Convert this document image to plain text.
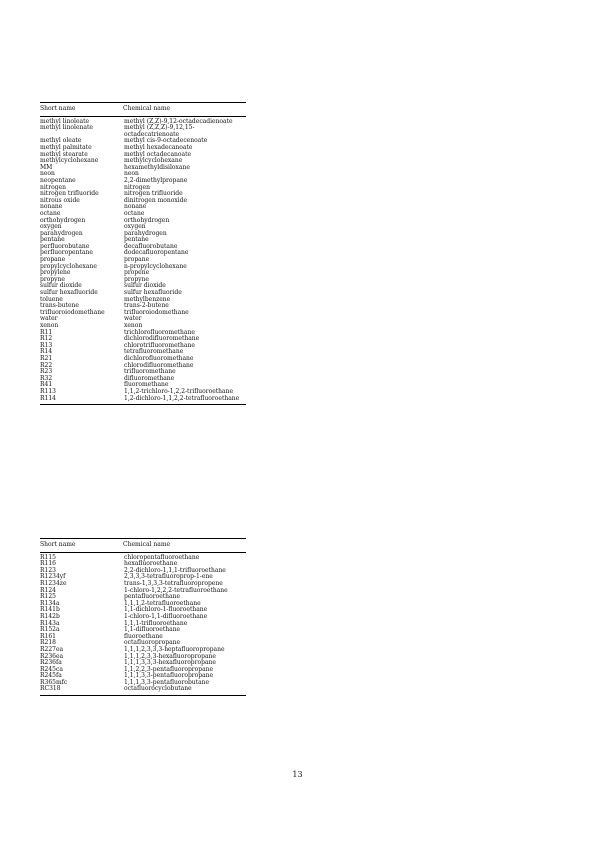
Short name	Chemical name
methyl linoleate	methyl (Z,Z)-9,12-octadecadienoate
methyl linolenate	methyl (Z,Z,Z)-9,12,15-octadecatrienoate
methyl oleate	methyl cis-9-octadecenoate
methyl palmitate	methyl hexadecanoate
methyl stearate	methyl octadecanoate
methylcyclohexane	methylcyclohexane
MM	hexamethyldisiloxane
neon	neon
neopentane	2,2-dimethylpropane
nitrogen	nitrogen
nitrogen trifluoride	nitrogen trifluoride
nitrous oxide	dinitrogen monoxide
nonane	nonane
octane	octane
orthohydrogen	orthohydrogen
oxygen	oxygen
parahydrogen	parahydrogen
pentane	pentane
perfluorobutane	decafluorobutane
perfluoropentane	dodecafluoropentane
propane	propane
propylcyclohexane	n-propylcyclohexane
propylene	propene
propyne	propyne
sulfur dioxide	sulfur dioxide
sulfur hexafluoride	sulfur hexafluoride
toluene	methylbenzene
trans-butene	trans-2-butene
trifluoroiodomethane	trifluoroiodomethane
water	water
xenon	xenon
R11	trichlorofluoromethane
R12	dichlorodifluoromethane
R13	chlorotrifluoromethane
R14	tetrafluoromethane
R21	dichlorofluoromethane
R22	chlorodifluoromethane
R23	trifluoromethane
R32	difluoromethane
R41	fluoromethane
R113	1,1,2-trichloro-1,2,2-trifluoroethane
R114	1,2-dichloro-1,1,2,2-tetrafluoroethane
Short name	Chemical name
R115	chloropentafluoroethane
R116	hexafluoroethane
R123	2,2-dichloro-1,1,1-trifluoroethane
R1234yf	2,3,3,3-tetrafluoroprop-1-ene
R1234ze	trans-1,3,3,3-tetrafluoropropene
R124	1-chloro-1,2,2,2-tetrafluoroethane
R125	pentafluoroethane
R134a	1,1,1,2-tetrafluoroethane
R141b	1,1-dichloro-1-fluoroethane
R142b	1-chloro-1,1-difluoroethane
R143a	1,1,1-trifluoroethane
R152a	1,1-difluoroethane
R161	fluoroethane
R218	octafluoropropane
R227ea	1,1,1,2,3,3,3-heptafluoropropane
R236ea	1,1,1,2,3,3-hexafluoropropane
R236fa	1,1,1,3,3,3-hexafluoropropane
R245ca	1,1,2,2,3-pentafluoropropane
R245fa	1,1,1,3,3-pentafluoropropane
R365mfc	1,1,1,3,3-pentafluorobutane
RC318	octafluorocyclobutane
13
